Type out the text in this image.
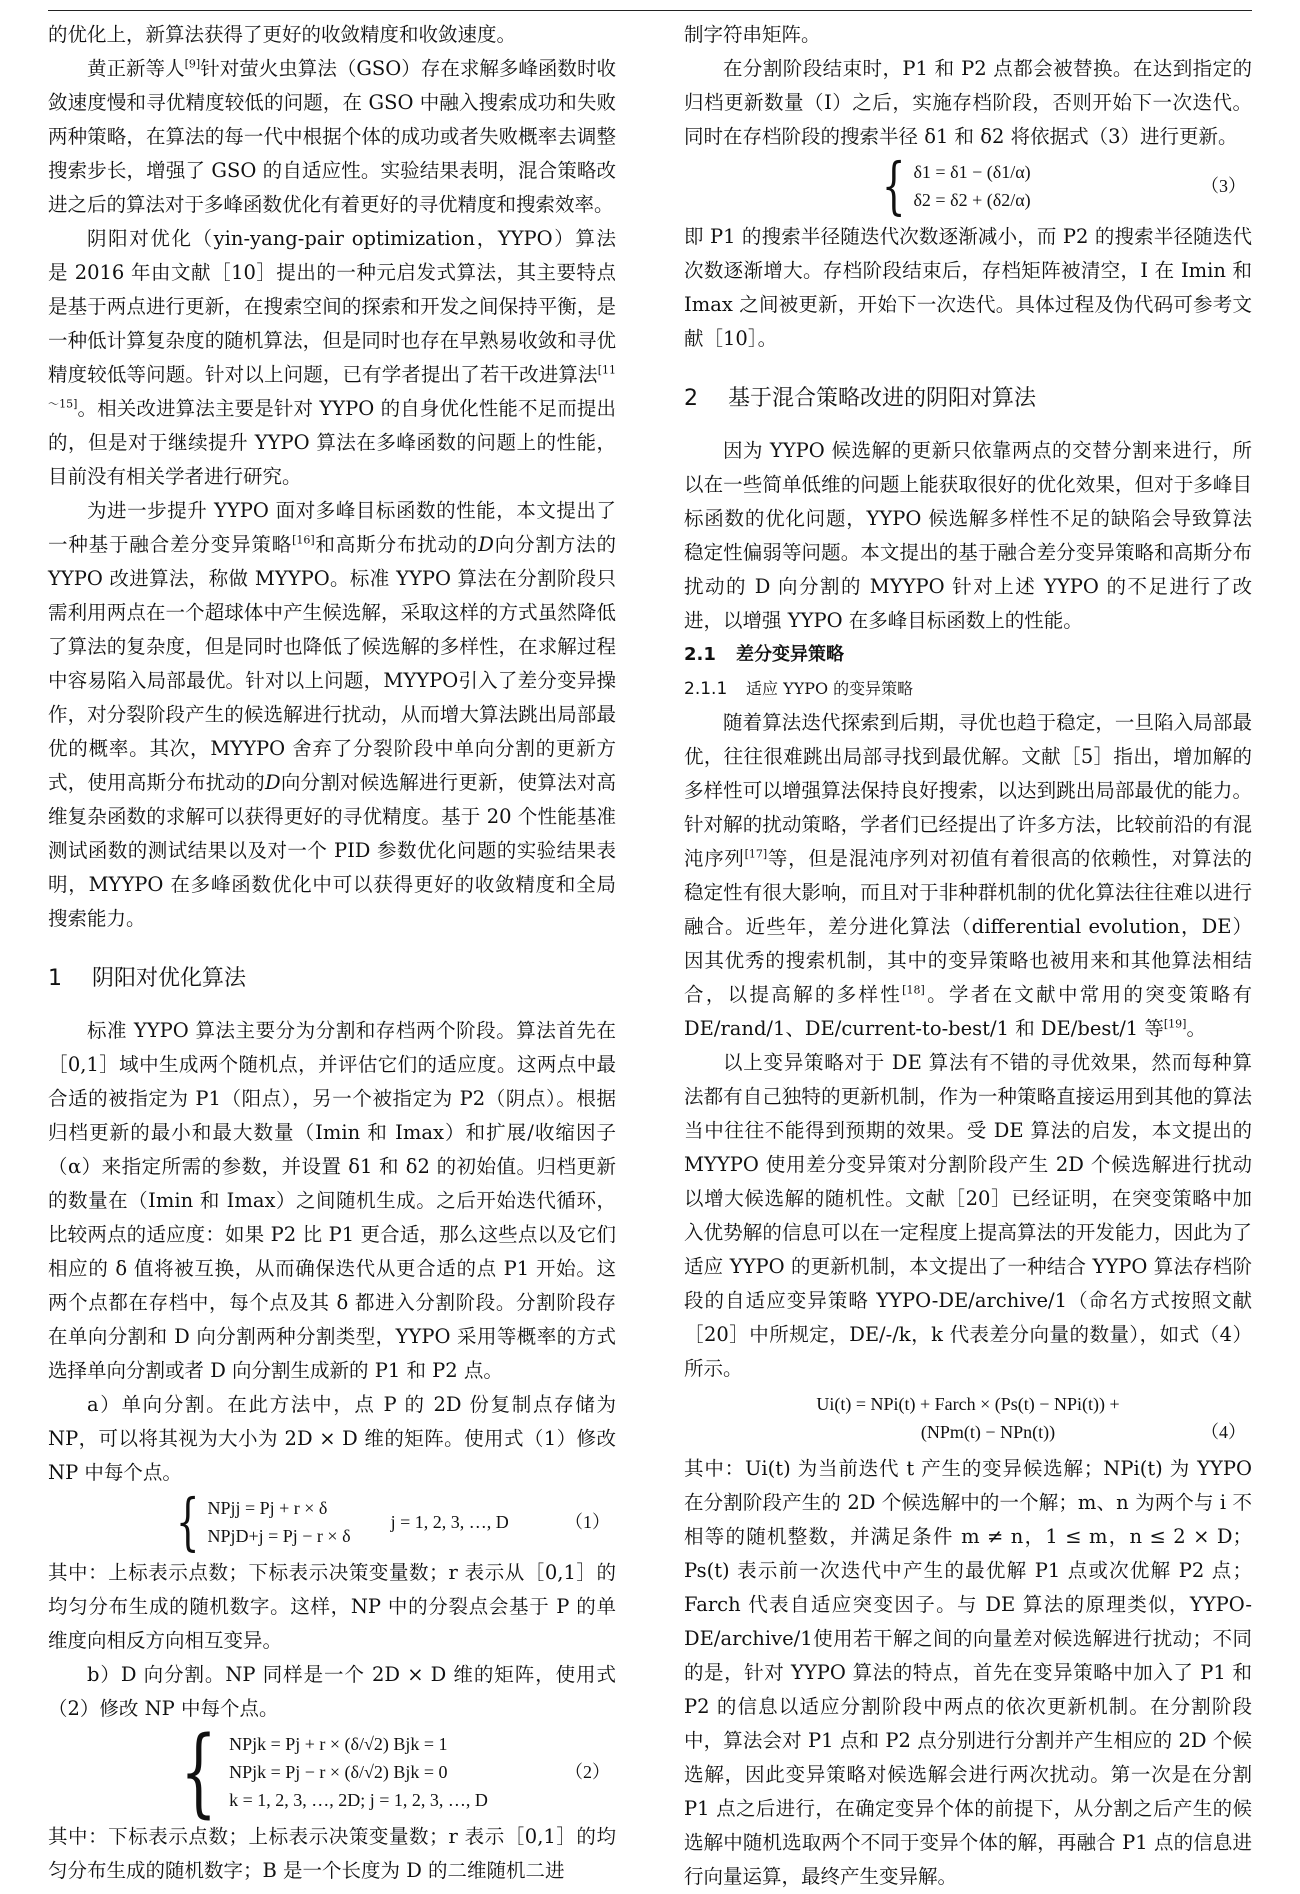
的优化上，新算法获得了更好的收敛精度和收敛速度。

黄正新等人[9]针对萤火虫算法（GSO）存在求解多峰函数时收敛速度慢和寻优精度较低的问题，在 GSO 中融入搜索成功和失败两种策略，在算法的每一代中根据个体的成功或者失败概率去调整搜索步长，增强了 GSO 的自适应性。实验结果表明，混合策略改进之后的算法对于多峰函数优化有着更好的寻优精度和搜索效率。

阴阳对优化（yin-yang-pair optimization，YYPO）算法是 2016 年由文献［10］提出的一种元启发式算法，其主要特点是基于两点进行更新，在搜索空间的探索和开发之间保持平衡，是一种低计算复杂度的随机算法，但是同时也存在早熟易收敛和寻优精度较低等问题。针对以上问题，已有学者提出了若干改进算法[11～15]。相关改进算法主要是针对 YYPO 的自身优化性能不足而提出的，但是对于继续提升 YYPO 算法在多峰函数的问题上的性能，目前没有相关学者进行研究。

为进一步提升 YYPO 面对多峰目标函数的性能，本文提出了一种基于融合差分变异策略[16]和高斯分布扰动的D向分割方法的 YYPO 改进算法，称做 MYYPO。标准 YYPO 算法在分割阶段只需利用两点在一个超球体中产生候选解，采取这样的方式虽然降低了算法的复杂度，但是同时也降低了候选解的多样性，在求解过程中容易陷入局部最优。针对以上问题，MYYPO引入了差分变异操作，对分裂阶段产生的候选解进行扰动，从而增大算法跳出局部最优的概率。其次，MYYPO 舍弃了分裂阶段中单向分割的更新方式，使用高斯分布扰动的D向分割对候选解进行更新，使算法对高维复杂函数的求解可以获得更好的寻优精度。基于 20 个性能基准测试函数的测试结果以及对一个 PID 参数优化问题的实验结果表明，MYYPO 在多峰函数优化中可以获得更好的收敛精度和全局搜索能力。

1 阴阳对优化算法

标准 YYPO 算法主要分为分割和存档两个阶段。算法首先在［0,1］域中生成两个随机点，并评估它们的适应度。这两点中最合适的被指定为 P1（阳点），另一个被指定为 P2（阴点）。根据归档更新的最小和最大数量（Imin 和 Imax）和扩展/收缩因子（α）来指定所需的参数，并设置 δ1 和 δ2 的初始值。归档更新的数量在（Imin 和 Imax）之间随机生成。之后开始迭代循环，比较两点的适应度：如果 P2 比 P1 更合适，那么这些点以及它们相应的 δ 值将被互换，从而确保迭代从更合适的点 P1 开始。这两个点都在存档中，每个点及其 δ 都进入分割阶段。分割阶段存在单向分割和 D 向分割两种分割类型，YYPO 采用等概率的方式选择单向分割或者 D 向分割生成新的 P1 和 P2 点。

a）单向分割。在此方法中，点 P 的 2D 份复制点存储为 NP，可以将其视为大小为 2D × D 维的矩阵。使用式（1）修改 NP 中每个点。

{ NPjj = Pj + r × δ
NPjD+j = Pj − r × δ
j = 1, 2, 3, …, D	（1）

其中：上标表示点数；下标表示决策变量数；r 表示从［0,1］的均匀分布生成的随机数字。这样，NP 中的分裂点会基于 P 的单维度向相反方向相互变异。

b）D 向分割。NP 同样是一个 2D × D 维的矩阵，使用式（2）修改 NP 中每个点。

{ NPjk = Pj + r × (δ/√2) Bjk = 1
NPjk = Pj − r × (δ/√2) Bjk = 0
k = 1, 2, 3, …, 2D; j = 1, 2, 3, …, D
（2）

其中：下标表示点数；上标表示决策变量数；r 表示［0,1］的均匀分布生成的随机数字；B 是一个长度为 D 的二维随机二进

制字符串矩阵。

在分割阶段结束时，P1 和 P2 点都会被替换。在达到指定的归档更新数量（I）之后，实施存档阶段，否则开始下一次迭代。同时在存档阶段的搜索半径 δ1 和 δ2 将依据式（3）进行更新。

{ δ1 = δ1 − (δ1/α)
δ2 = δ2 + (δ2/α)
（3）

即 P1 的搜索半径随迭代次数逐渐减小，而 P2 的搜索半径随迭代次数逐渐增大。存档阶段结束后，存档矩阵被清空，I 在 Imin 和 Imax 之间被更新，开始下一次迭代。具体过程及伪代码可参考文献［10］。

2 基于混合策略改进的阴阳对算法

因为 YYPO 候选解的更新只依靠两点的交替分割来进行，所以在一些简单低维的问题上能获取很好的优化效果，但对于多峰目标函数的优化问题，YYPO 候选解多样性不足的缺陷会导致算法稳定性偏弱等问题。本文提出的基于融合差分变异策略和高斯分布扰动的 D 向分割的 MYYPO 针对上述 YYPO 的不足进行了改进，以增强 YYPO 在多峰目标函数上的性能。

2.1 差分变异策略

2.1.1 适应 YYPO 的变异策略

随着算法迭代探索到后期，寻优也趋于稳定，一旦陷入局部最优，往往很难跳出局部寻找到最优解。文献［5］指出，增加解的多样性可以增强算法保持良好搜索，以达到跳出局部最优的能力。针对解的扰动策略，学者们已经提出了许多方法，比较前沿的有混沌序列[17]等，但是混沌序列对初值有着很高的依赖性，对算法的稳定性有很大影响，而且对于非种群机制的优化算法往往难以进行融合。近些年，差分进化算法（differential evolution，DE）因其优秀的搜索机制，其中的变异策略也被用来和其他算法相结合，以提高解的多样性[18]。学者在文献中常用的突变策略有 DE/rand/1、DE/current-to-best/1 和 DE/best/1 等[19]。

以上变异策略对于 DE 算法有不错的寻优效果，然而每种算法都有自己独特的更新机制，作为一种策略直接运用到其他的算法当中往往不能得到预期的效果。受 DE 算法的启发，本文提出的 MYYPO 使用差分变异策对分割阶段产生 2D 个候选解进行扰动以增大候选解的随机性。文献［20］已经证明，在突变策略中加入优势解的信息可以在一定程度上提高算法的开发能力，因此为了适应 YYPO 的更新机制，本文提出了一种结合 YYPO 算法存档阶段的自适应变异策略 YYPO-DE/archive/1（命名方式按照文献［20］中所规定，DE/-/k，k 代表差分向量的数量），如式（4）所示。

Ui(t) = NPi(t) + Farch × (Ps(t) − NPi(t)) +
(NPm(t) − NPn(t))	（4）

其中：Ui(t) 为当前迭代 t 产生的变异候选解；NPi(t) 为 YYPO 在分割阶段产生的 2D 个候选解中的一个解；m、n 为两个与 i 不相等的随机整数，并满足条件 m ≠ n，1 ≤ m，n ≤ 2 × D；Ps(t) 表示前一次迭代中产生的最优解 P1 点或次优解 P2 点；Farch 代表自适应突变因子。与 DE 算法的原理类似，YYPO-DE/archive/1使用若干解之间的向量差对候选解进行扰动；不同的是，针对 YYPO 算法的特点，首先在变异策略中加入了 P1 和 P2 的信息以适应分割阶段中两点的依次更新机制。在分割阶段中，算法会对 P1 点和 P2 点分别进行分割并产生相应的 2D 个候选解，因此变异策略对候选解会进行两次扰动。第一次是在分割 P1 点之后进行，在确定变异个体的前提下，从分割之后产生的候选解中随机选取两个不同于变异个体的解，再融合 P1 点的信息进行向量运算，最终产生变异解。
